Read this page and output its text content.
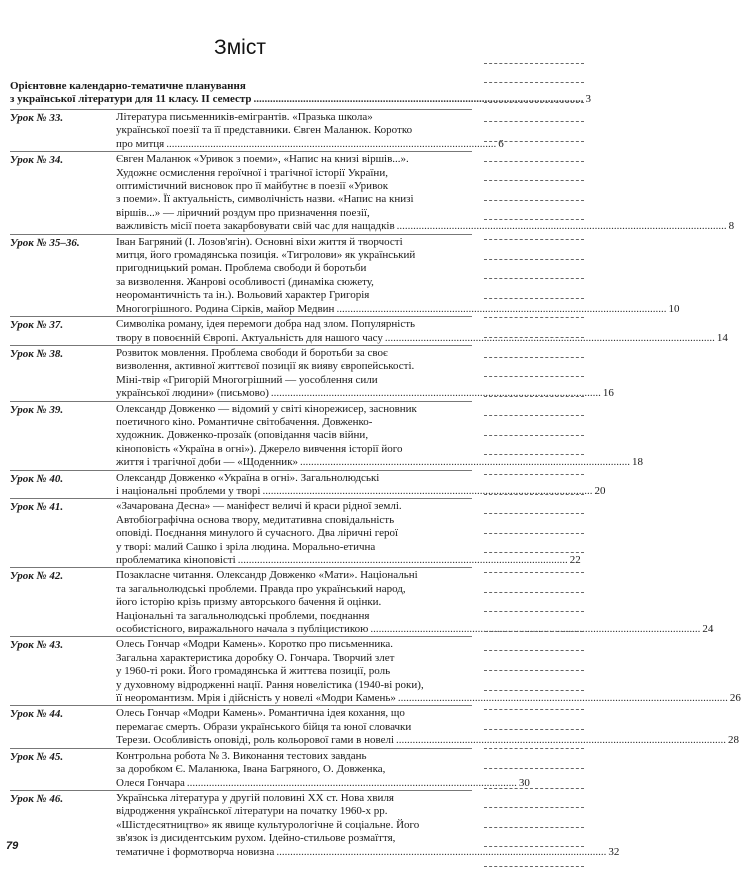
Зміст
Орієнтовне календарно-тематичне планування
з української літератури для 11 класу. ІІ семестр .....	3
Урок № 33.	Література письменників-емігрантів. «Празька школа»
української поезії та її представники. Євген Маланюк. Коротко
про митця .....	6
Урок № 34.	Євген Маланюк «Уривок з поеми», «Напис на книзі віршів...».
Художнє осмислення героїчної і трагічної історії України,
оптимістичний висновок про її майбутнє в поезії «Уривок
з поеми». Її актуальність, символічність назви. «Напис на книзі
віршів...» — ліричний роздум про призначення поезії,
важливість місії поета закарбовувати свій час для нащадків .....	8
Урок № 35–36.	Іван Багряний (І. Лозов'ягін). Основні віхи життя й творчості
митця, його громадянська позиція. «Тигролови» як український
пригодницький роман. Проблема свободи й боротьби
за визволення. Жанрові особливості (динаміка сюжету,
неоромантичність та ін.). Вольовий характер Григорія
Многогрішного. Родина Сірків, майор Медвин .....	10
Урок № 37.	Символіка роману, ідея перемоги добра над злом. Популярність
твору в повоєнній Європі. Актуальність для нашого часу .....	14
Урок № 38.	Розвиток мовлення. Проблема свободи й боротьби за своє
визволення, активної життєвої позиції як вияву європейськості.
Міні-твір «Григорій Многогрішний — уособлення сили
української людини» (письмово) .....	16
Урок № 39.	Олександр Довженко — відомий у світі кінорежисер, засновник
поетичного кіно. Романтичне світобачення. Довженко-
художник. Довженко-прозаїк (оповідання часів війни,
кіноповість «Україна в огні»). Джерело вивчення історії його
життя і трагічної доби — «Щоденник» .....	18
Урок № 40.	Олександр Довженко «Україна в огні». Загальнолюдські
і національні проблеми у творі .....	20
Урок № 41.	«Зачарована Десна» — маніфест величі й краси рідної землі.
Автобіографічна основа твору, медитативна сповідальність
оповіді. Поєднання минулого й сучасного. Два ліричні герої
у творі: малий Сашко і зріла людина. Морально-етична
проблематика кіноповісті .....	22
Урок № 42.	Позакласне читання. Олександр Довженко «Мати». Національні
та загальнолюдські проблеми. Правда про український народ,
його історію крізь призму авторського бачення й оцінки.
Національні та загальнолюдські проблеми, поєднання
особистісного, виражального начала з публіцистикою .....	24
Урок № 43.	Олесь Гончар «Модри Камень». Коротко про письменника.
Загальна характеристика доробку О. Гончара. Творчий злет
у 1960-ті роки. Його громадянська й життєва позиції, роль
у духовному відродженні нації. Рання новелістика (1940-ві роки),
її неоромантизм. Мрія і дійсність у новелі «Модри Камень» .....	26
Урок № 44.	Олесь Гончар «Модри Камень». Романтична ідея кохання, що
перемагає смерть. Образи українського бійця та юної словачки
Терези. Особливість оповіді, роль кольорової гами в новелі .....	28
Урок № 45.	Контрольна робота № 3. Виконання тестових завдань
за доробком Є. Маланюка, Івана Багряного, О. Довженка,
Олеся Гончара .....	30
Урок № 46.	Українська література у другій половині ХХ ст. Нова хвиля
відродження української літератури на початку 1960-х рр.
«Шістдесятництво» як явище культурологічне й соціальне. Його
зв'язок із дисидентським рухом. Ідейно-стильове розмаїття,
тематичне і формотворча новизна .....	32
79
